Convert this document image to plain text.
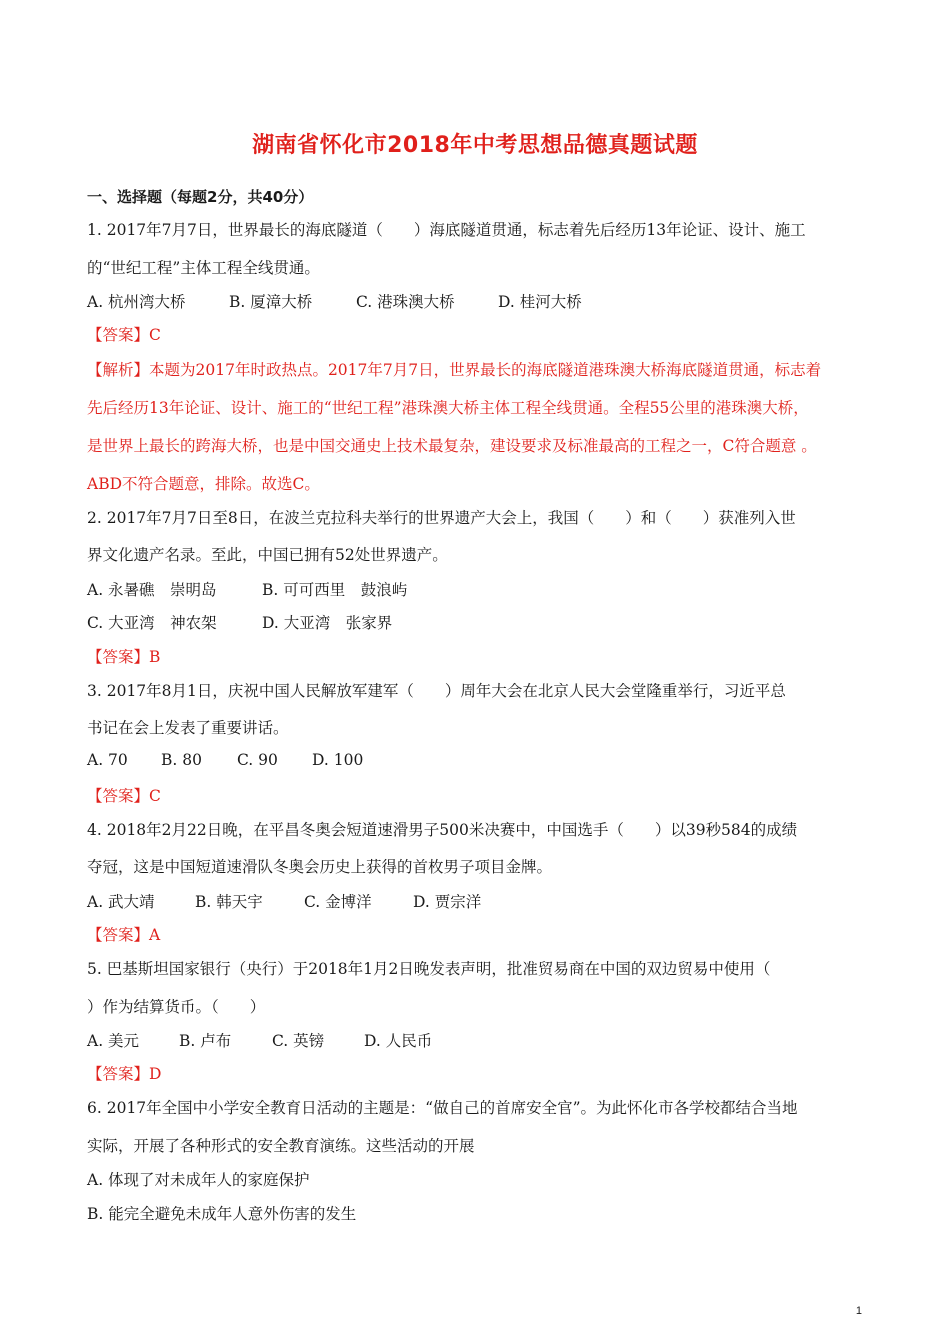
湖南省怀化市2018年中考思想品德真题试题
一、选择题（每题2分，共40分）
1. 2017年7月7日，世界最长的海底隧道（　　）海底隧道贯通，标志着先后经历13年论证、设计、施工
的“世纪工程”主体工程全线贯通。
A. 杭州湾大桥	B. 厦漳大桥	C. 港珠澳大桥	D. 桂河大桥
【答案】C
【解析】本题为2017年时政热点。2017年7月7日，世界最长的海底隧道港珠澳大桥海底隧道贯通，标志着
先后经历13年论证、设计、施工的“世纪工程”港珠澳大桥主体工程全线贯通。全程55公里的港珠澳大桥，
是世界上最长的跨海大桥，也是中国交通史上技术最复杂，建设要求及标准最高的工程之一，C符合题意 。
ABD不符合题意，排除。故选C。
2. 2017年7月7日至8日，在波兰克拉科夫举行的世界遗产大会上，我国（　　）和（　　）获准列入世
界文化遗产名录。至此，中国已拥有52处世界遗产。
A. 永暑礁　崇明岛	B. 可可西里　鼓浪屿
C. 大亚湾　神农架	D. 大亚湾　张家界
【答案】B
3. 2017年8月1日，庆祝中国人民解放军建军（　　）周年大会在北京人民大会堂隆重举行，习近平总
书记在会上发表了重要讲话。
A. 70 B. 80 C. 90 D. 100
【答案】C
4. 2018年2月22日晚，在平昌冬奥会短道速滑男子500米决赛中，中国选手（　　）以39秒584的成绩
夺冠，这是中国短道速滑队冬奥会历史上获得的首枚男子项目金牌。
A. 武大靖	B. 韩天宇	C. 金博洋	D. 贾宗洋
【答案】A
5. 巴基斯坦国家银行（央行）于2018年1月2日晚发表声明，批准贸易商在中国的双边贸易中使用（
）作为结算货币。（　　）
A. 美元	B. 卢布	C. 英镑	D. 人民币
【答案】D
6. 2017年全国中小学安全教育日活动的主题是：“做自己的首席安全官”。为此怀化市各学校都结合当地
实际，开展了各种形式的安全教育演练。这些活动的开展
A. 体现了对未成年人的家庭保护
B. 能完全避免未成年人意外伤害的发生
1
